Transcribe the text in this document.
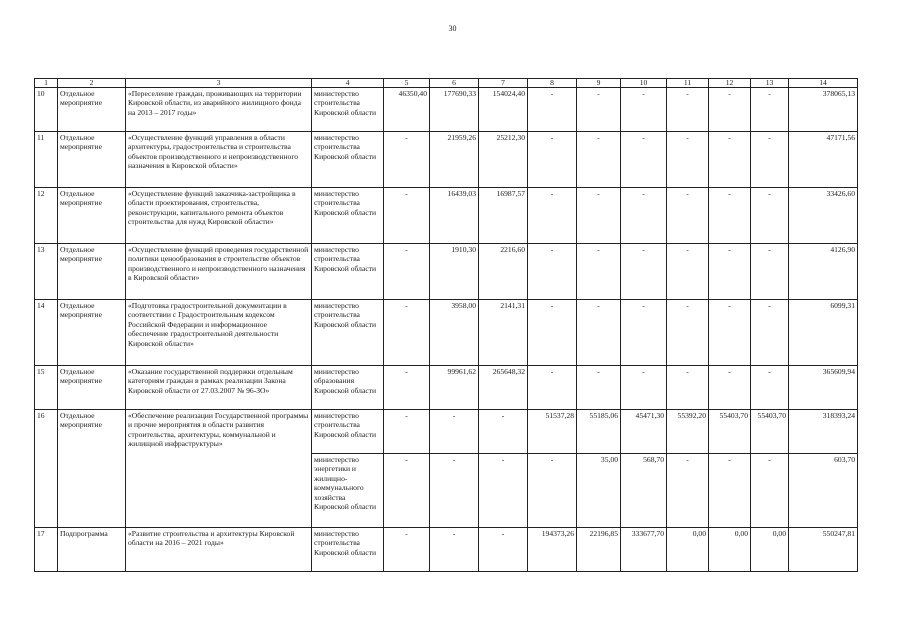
30
1	2	3	4	5	6	7	8	9	10	11	12	13	14
10	Отдельное мероприятие	«Переселение граждан, проживающих на территории Кировской области, из аварийного жилищного фонда на 2013 – 2017 годы»	министерство строительства Кировской области	46350,40	177690,33	154024,40	-	-	-	-	-	-	378065,13
11	Отдельное мероприятие	«Осуществление функций управления в области архитектуры, градостроительства и строительства объектов производственного и непроизводственного назначения в Кировской области»	министерство строительства Кировской области	-	21959,26	25212,30	-	-	-	-	-	-	47171,56
12	Отдельное мероприятие	«Осуществление функций заказчика-застройщика в области проектирования, строительства, реконструкции, капитального ремонта объектов строительства для нужд Кировской области»	министерство строительства Кировской области	-	16439,03	16987,57	-	-	-	-	-	-	33426,60
13	Отдельное мероприятие	«Осуществление функций проведения государственной политики ценообразования в строительстве объектов производственного и непроизводственного назначения в Кировской области»	министерство строительства Кировской области	-	1910,30	2216,60	-	-	-	-	-	-	4126,90
14	Отдельное мероприятие	«Подготовка градостроительной документации в соответствии с Градостроительным кодексом Российской Федерации и информационное обеспечение градостроительной деятельности Кировской области»	министерство строительства Кировской области	-	3958,00	2141,31	-	-	-	-	-	-	6099,31
15	Отдельное мероприятие	«Оказание государственной поддержки отдельным категориям граждан в рамках реализации Закона Кировской области от 27.03.2007 № 96-ЗО»	министерство образования Кировской области	-	99961,62	265648,32	-	-	-	-	-	-	365609,94
16	Отдельное мероприятие	«Обеспечение реализации Государственной программы и прочие мероприятия в области развития строительства, архитектуры, коммунальной и жилищной инфраструктуры»	министерство строительства Кировской области	-	-	-	51537,28	55185,06	45471,30	55392,20	55403,70	55403,70	318393,24
			министерство энергетики и жилищно-коммунального хозяйства Кировской области	-	-	-	-	35,00	568,70	-	-	-	603,70
17	Подпрограмма	«Развитие строительства и архитектуры Кировской области на 2016 – 2021 годы»	министерство строительства Кировской области	-	-	-	194373,26	22196,85	333677,70	0,00	0,00	0,00	550247,81
